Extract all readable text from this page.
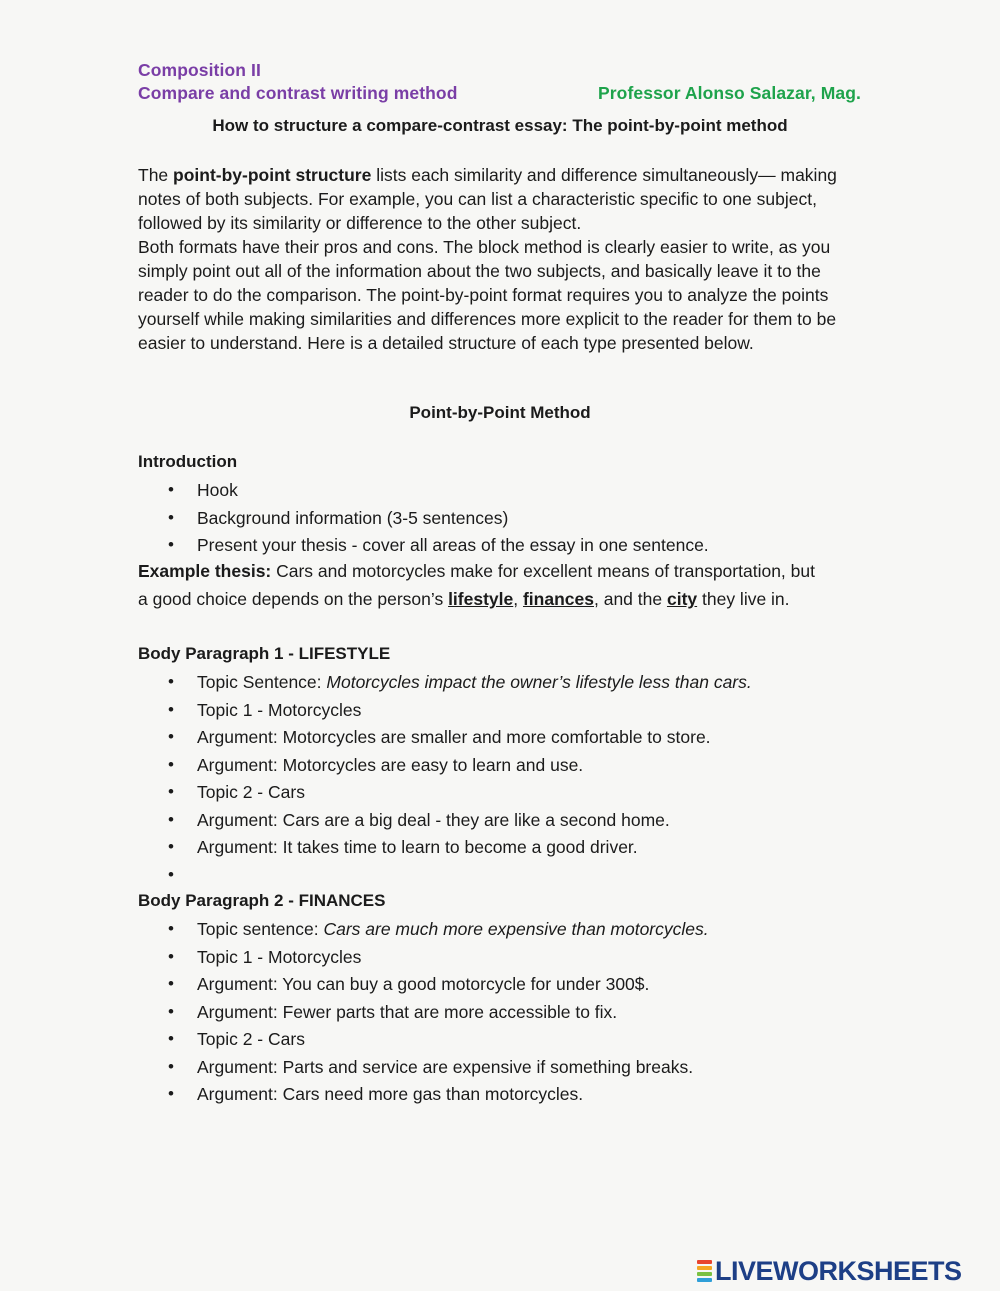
Composition II
Compare and contrast writing method	Professor Alonso Salazar, Mag.
How to structure a compare-contrast essay: The point-by-point method
The point-by-point structure lists each similarity and difference simultaneously— making notes of both subjects. For example, you can list a characteristic specific to one subject, followed by its similarity or difference to the other subject.
Both formats have their pros and cons. The block method is clearly easier to write, as you simply point out all of the information about the two subjects, and basically leave it to the reader to do the comparison. The point-by-point format requires you to analyze the points yourself while making similarities and differences more explicit to the reader for them to be easier to understand. Here is a detailed structure of each type presented below.
Point-by-Point Method
Introduction
• Hook
• Background information (3-5 sentences)
• Present your thesis - cover all areas of the essay in one sentence.
Example thesis: Cars and motorcycles make for excellent means of transportation, but
a good choice depends on the person’s lifestyle, finances, and the city they live in.
Body Paragraph 1 - LIFESTYLE
• Topic Sentence: Motorcycles impact the owner’s lifestyle less than cars.
• Topic 1 - Motorcycles
• Argument: Motorcycles are smaller and more comfortable to store.
• Argument: Motorcycles are easy to learn and use.
• Topic 2 - Cars
• Argument: Cars are a big deal - they are like a second home.
• Argument: It takes time to learn to become a good driver.
•
Body Paragraph 2 - FINANCES
• Topic sentence: Cars are much more expensive than motorcycles.
• Topic 1 - Motorcycles
• Argument: You can buy a good motorcycle for under 300$.
• Argument: Fewer parts that are more accessible to fix.
• Topic 2 - Cars
• Argument: Parts and service are expensive if something breaks.
• Argument: Cars need more gas than motorcycles.
LIVEWORKSHEETS
